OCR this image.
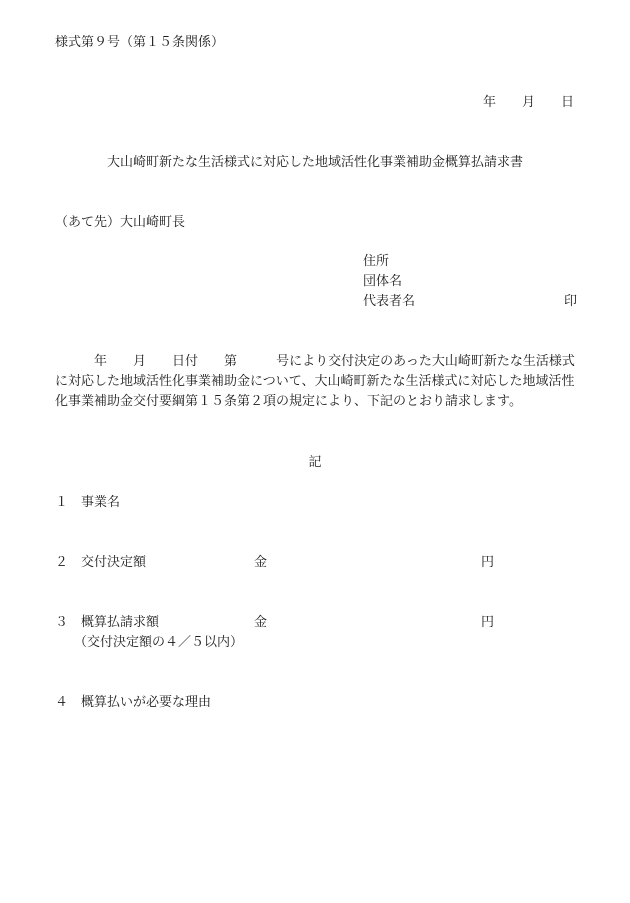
様式第９号（第１５条関係）
年 月 日
大山崎町新たな生活様式に対応した地域活性化事業補助金概算払請求書
（あて先）大山崎町長
住所
団体名
代表者名	印
年 月 日付 第	号により交付決定のあった大山崎町新たな生活様式に対応した地域活性化事業補助金について、大山崎町新たな生活様式に対応した地域活性化事業補助金交付要綱第１５条第２項の規定により、下記のとおり請求します。
記
１ 事業名
２ 交付決定額	金	円
３ 概算払請求額	金	円
（交付決定額の４／５以内）
４ 概算払いが必要な理由
